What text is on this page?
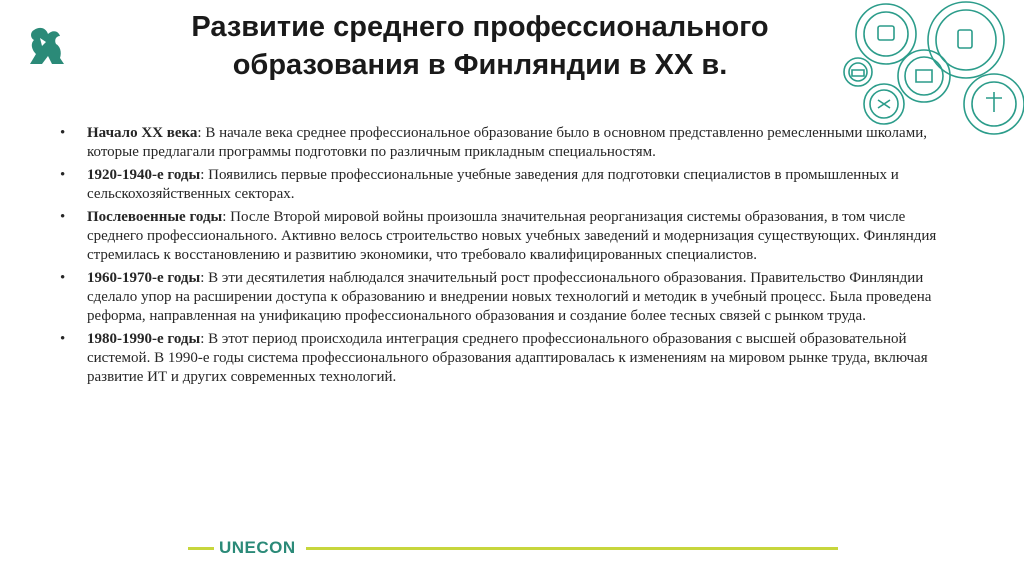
Развитие среднего профессионального
образования в Финляндии в XX в.
•	Начало XX века: В начале века среднее профессиональное образование было в основном представленно ремесленными школами, которые предлагали программы подготовки по различным прикладным специальностям.
•	1920-1940-е годы: Появились первые профессиональные учебные заведения для подготовки специалистов в промышленных и сельскохозяйственных секторах.
•	Послевоенные годы: После Второй мировой войны произошла значительная реорганизация системы образования, в том числе среднего профессионального. Активно велось строительство новых учебных заведений и модернизация существующих. Финляндия стремилась к восстановлению и развитию экономики, что требовало квалифицированных специалистов.
•	1960-1970-е годы: В эти десятилетия наблюдался значительный рост профессионального образования. Правительство Финляндии сделало упор на расширении доступа к образованию и внедрении новых технологий и методик в учебный процесс. Была проведена реформа, направленная на унификацию профессионального образования и создание более тесных связей с рынком труда.
•	1980-1990-е годы: В этот период происходила интеграция среднего профессионального образования с высшей образовательной системой. В 1990-е годы система профессионального образования адаптировалась к изменениям на мировом рынке труда, включая развитие ИТ и других современных технологий.
UNECON
